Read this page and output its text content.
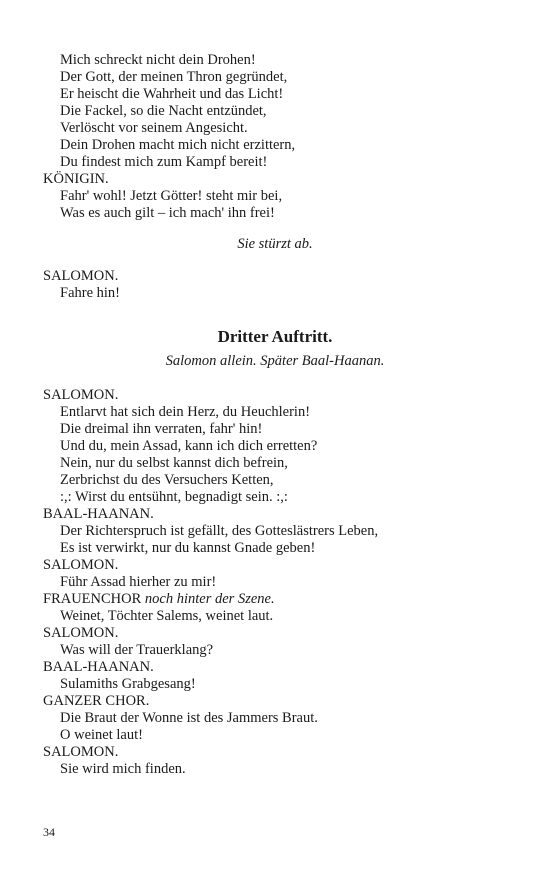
Mich schreckt nicht dein Drohen!
Der Gott, der meinen Thron gegründet,
Er heischt die Wahrheit und das Licht!
Die Fackel, so die Nacht entzündet,
Verlöscht vor seinem Angesicht.
Dein Drohen macht mich nicht erzittern,
Du findest mich zum Kampf bereit!
KÖNIGIN.
Fahr' wohl! Jetzt Götter! steht mir bei,
Was es auch gilt – ich mach' ihn frei!
Sie stürzt ab.
SALOMON.
Fahre hin!
Dritter Auftritt.
Salomon allein. Später Baal-Haanan.
SALOMON.
Entlarvt hat sich dein Herz, du Heuchlerin!
Die dreimal ihn verraten, fahr' hin!
Und du, mein Assad, kann ich dich erretten?
Nein, nur du selbst kannst dich befrein,
Zerbrichst du des Versuchers Ketten,
:,: Wirst du entsühnt, begnadigt sein. :,:
BAAL-HAANAN.
Der Richterspruch ist gefällt, des Gotteslästrers Leben,
Es ist verwirkt, nur du kannst Gnade geben!
SALOMON.
Führ Assad hierher zu mir!
FRAUENCHOR noch hinter der Szene.
Weinet, Töchter Salems, weinet laut.
SALOMON.
Was will der Trauerklang?
BAAL-HAANAN.
Sulamiths Grabgesang!
GANZER CHOR.
Die Braut der Wonne ist des Jammers Braut.
O weinet laut!
SALOMON.
Sie wird mich finden.
34
